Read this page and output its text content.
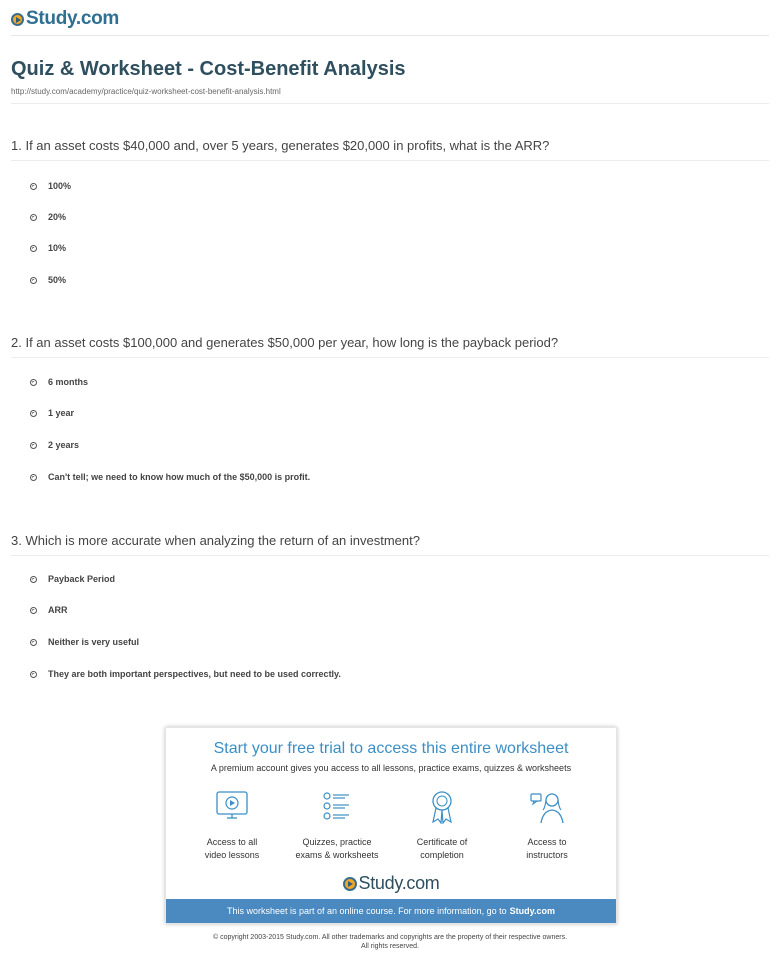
Study.com
Quiz & Worksheet - Cost-Benefit Analysis
http://study.com/academy/practice/quiz-worksheet-cost-benefit-analysis.html

1. If an asset costs $40,000 and, over 5 years, generates $20,000 in profits, what is the ARR?

100%
20%
10%
50%

2. If an asset costs $100,000 and generates $50,000 per year, how long is the payback period?

6 months
1 year
2 years
Can't tell; we need to know how much of the $50,000 is profit.

3. Which is more accurate when analyzing the return of an investment?

Payback Period
ARR
Neither is very useful
They are both important perspectives, but need to be used correctly.
Start your free trial to access this entire worksheet
A premium account gives you access to all lessons, practice exams, quizzes & worksheets
Access to all
video lessons
Quizzes, practice
exams & worksheets
Certificate of
completion
Access to
instructors
Study.com
This worksheet is part of an online course. For more information, go to Study.com
© copyright 2003-2015 Study.com. All other trademarks and copyrights are the property of their respective owners.
All rights reserved.
